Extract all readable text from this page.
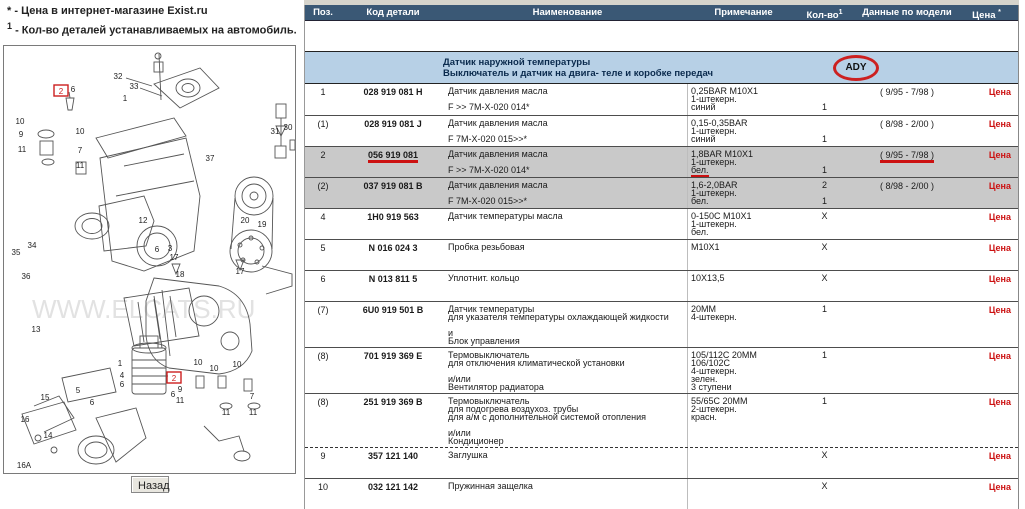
* - Цена в интернет-магазине Exist.ru
$^1$ - Кол-во деталей устанавливаемых на автомобиль.
WWW.ELCATS.RU
32
33
1
6
2
10
9	10
11	7
11
30
31
37
12	20 19
34
35	6 3
17
18	17
36
13
15
16
14
16A
5
1
4
6
6
2
10
10 10
9
6
11	7
11 11
Назад
Поз.	Код детали	Наименование	Примечание	Кол-$во^1$	Данные по модели	Цена *
Датчик наружной температуры
Выключатель и датчик на двига- теле и коробке передач
ADY
1	028 919 081 H	Датчик давления масла
F >> 7M-X-020 014*
0,25BAR M10X1
1-штекерн.
синий	1
( 9/95 - 7/98 )	Цена
(1)	028 919 081 J	Датчик давления масла
F 7M-X-020 015>>*
0,15-0,35BAR
1-штекерн.
синий	1
( 8/98 - 2/00 )	Цена
2	056 919 081	Датчик давления масла
F >> 7M-X-020 014*
1,8BAR M10X1
1-штекерн.
бел.	1
( 9/95 - 7/98 )	Цена
(2)	037 919 081 B	Датчик давления масла
F 7M-X-020 015>>*
1,6-2,0BAR
1-штекерн.
бел.
2
1
( 8/98 - 2/00 )	Цена
4	1H0 919 563	Датчик температуры масла	0-150C M10X1
1-штекерн.
бел.
X	Цена
5	N 016 024 3	Пробка резьбовая	M10X1	X	Цена
6	N 013 811 5	Уплотнит. кольцо	10X13,5	X	Цена
(7)	6U0 919 501 B	Датчик температуры
для указателя температуры охлаждающей жидкости
и
Блок управления
20MM
4-штекерн.
1	Цена
(8)	701 919 369 E	Термовыключатель
для отключения климатической установки
и/или
Вентилятор радиатора
105/112C 20MM
106/102C
4-штекерн.
зелен.
3 ступени
1	Цена
(8)	251 919 369 B	Термовыключатель
для подогрева воздухоз. трубы
для а/м с дополнительной системой отопления
и/или
Кондиционер
55/65C 20MM
2-штекерн.
красн.
1	Цена
9	357 121 140	Заглушка	X	Цена
10	032 121 142	Пружинная защелка	X	Цена
